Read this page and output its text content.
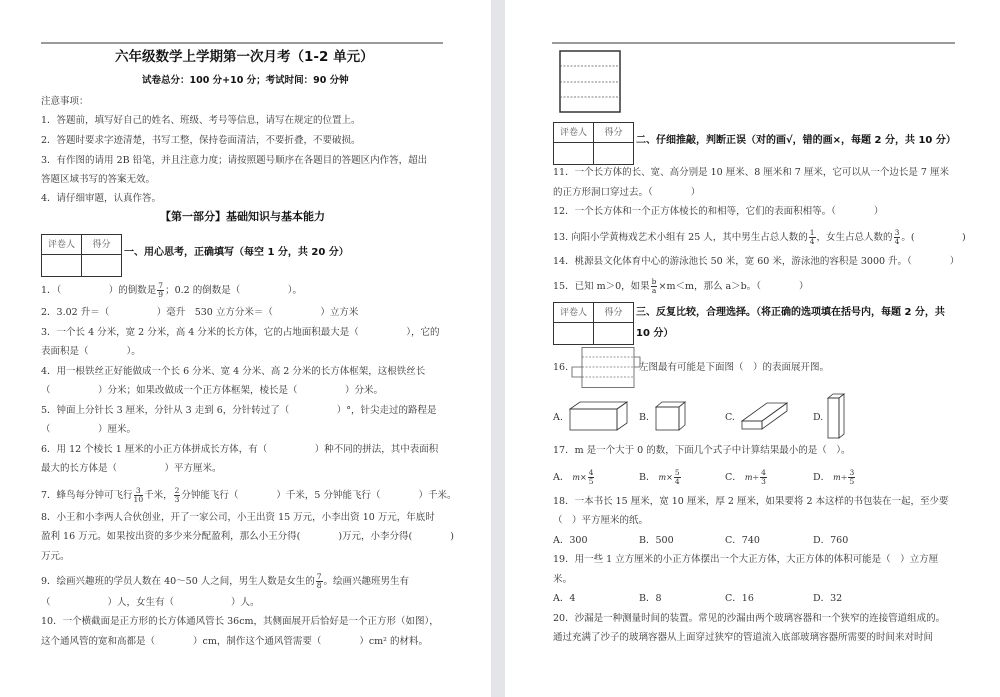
六年级数学上学期第一次月考（1-2 单元）
试卷总分：100 分+10 分；考试时间：90 分钟
注意事项：
1．答题前，填写好自己的姓名、班级、考号等信息，请写在规定的位置上。
2．答题时要求字迹清楚，书写工整，保持卷面清洁，不要折叠，不要破损。
3．有作图的请用 2B 铅笔，并且注意力度；请按照题号顺序在各题目的答题区内作答，超出
答题区域书写的答案无效。
4．请仔细审题，认真作答。
【第一部分】基础知识与基本能力
评卷人	得分

一、用心思考，正确填写（每空 1 分，共 20 分）
1．（　　　　　）的倒数是 $\frac{7}{9}$ ；0.2 的倒数是（　　　　　）。
2．3.02 升＝（　　　　　）毫升　530 立方分米＝（　　　　　）立方米
3．一个长 4 分米，宽 2 分米，高 4 分米的长方体，它的占地面积最大是（　　　　　），它的
表面积是（　　　　）。
4．用一根铁丝正好能做成一个长 6 分米、宽 4 分米、高 2 分米的长方体框架，这根铁丝长
（　　　　　）分米；如果改做成一个正方体框架，棱长是（　　　　　）分米。
5．钟面上分针长 3 厘米，分针从 3 走到 6，分针转过了（　　　　　）°，针尖走过的路程是
（　　　　　）厘米。
6．用 12 个棱长 1 厘米的小正方体拼成长方体，有（　　　　　）种不同的拼法，其中表面积
最大的长方体是（　　　　　）平方厘米。
7．蜂鸟每分钟可飞行 $\frac{3}{10}$ 千米， $\frac{2}{3}$ 分钟能飞行（　　　　）千米，5 分钟能飞行（　　　　）千米。
8．小王和小李两人合伙创业，开了一家公司，小王出资 15 万元，小李出资 10 万元，年底时
盈利 16 万元。如果按出资的多少来分配盈利，那么小王分得(　　　　)万元，小李分得(　　　　)
万元。
9．绘画兴趣班的学员人数在 40～50 人之间，男生人数是女生的 $\frac{7}{8}$ 。绘画兴趣班男生有
（　　　　　　）人，女生有（　　　　　　）人。
10．一个横截面是正方形的长方体通风管长 36cm，其侧面展开后恰好是一个正方形（如图），
这个通风管的宽和高都是（　　　　）cm，制作这个通风管需要（　　　　）cm² 的材料。
评卷人	得分

二、仔细推敲，判断正误（对的画√，错的画×，每题 2 分，共 10 分）
11．一个长方体的长、宽、高分别是 10 厘米、8 厘米和 7 厘米，它可以从一个边长是 7 厘米
的正方形洞口穿过去。（　　　　）
12．一个长方体和一个正方体棱长的和相等，它们的表面积相等。（　　　　）
13. 向阳小学黄梅戏艺术小组有 25 人，其中男生占总人数的 $\frac{1}{4}$ ，女生占总人数的 $\frac{3}{4}$ 。(　　　　　)
14．桃源县文化体育中心的游泳池长 50 米，宽 60 米，游泳池的容积是 3000 升。（　　　　）
15．已知 m＞0，如果 $\frac{b}{a} \times m<m$，那么 a＞b。（　　　　）
评卷人	得分
	三、反复比较，合理选择。（将正确的选项填在括号内，每题 2 分，共
10 分）
16.	左图最有可能是下面图（　）的表面展开图。
A.	B.	C.	D.
17．m 是一个大于 0 的数，下面几个式子中计算结果最小的是（　）。
A． $m\times \frac{4}{5}$	B． $m\times \frac{5}{4}$	C． $m\div \frac{4}{3}$	D． $m\div \frac{3}{5}$
18．一本书长 15 厘米，宽 10 厘米，厚 2 厘米，如果要将 2 本这样的书包装在一起，至少要
（　）平方厘米的纸。
A．300	B．500	C．740	D．760
19．用一些 1 立方厘米的小正方体摆出一个大正方体，大正方体的体积可能是（　）立方厘
米。
A．4	B．8	C．16	D．32
20．沙漏是一种测量时间的装置。常见的沙漏由两个玻璃容器和一个狭窄的连接管道组成的。
通过充满了沙子的玻璃容器从上面穿过狭窄的管道流入底部玻璃容器所需要的时间来对时间
